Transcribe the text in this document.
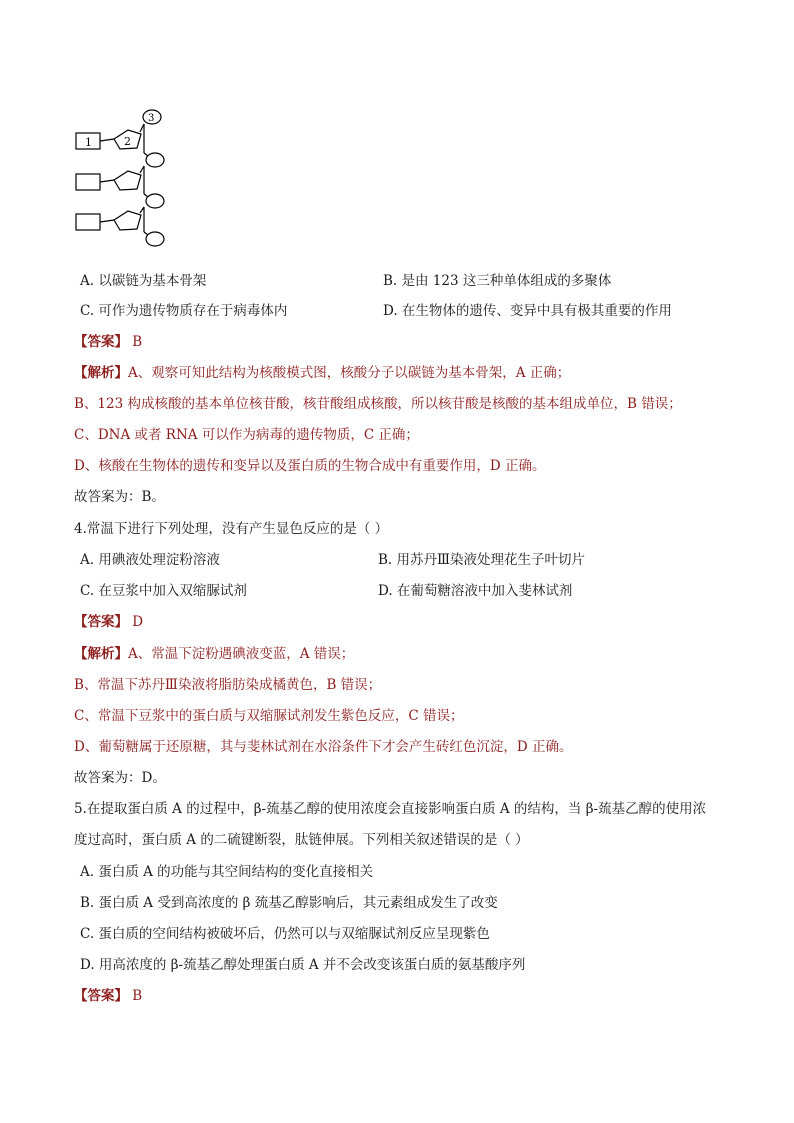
1	2
3
A. 以碳链为基本骨架	B. 是由 123 这三种单体组成的多聚体
C. 可作为遗传物质存在于病毒体内	D. 在生物体的遗传、变异中具有极其重要的作用
【答案】 B
【解析】A、观察可知此结构为核酸模式图，核酸分子以碳链为基本骨架，A 正确；
B、123 构成核酸的基本单位核苷酸，核苷酸组成核酸，所以核苷酸是核酸的基本组成单位，B 错误；
C、DNA 或者 RNA 可以作为病毒的遗传物质，C 正确；
D、核酸在生物体的遗传和变异以及蛋白质的生物合成中有重要作用，D 正确。
故答案为：B。
4.常温下进行下列处理，没有产生显色反应的是（ ）
A. 用碘液处理淀粉溶液	B. 用苏丹Ⅲ染液处理花生子叶切片
C. 在豆浆中加入双缩脲试剂	D. 在葡萄糖溶液中加入斐林试剂
【答案】 D
【解析】A、常温下淀粉遇碘液变蓝，A 错误；
B、常温下苏丹Ⅲ染液将脂肪染成橘黄色，B 错误；
C、常温下豆浆中的蛋白质与双缩脲试剂发生紫色反应，C 错误；
D、葡萄糖属于还原糖，其与斐林试剂在水浴条件下才会产生砖红色沉淀，D 正确。
故答案为：D。
5.在提取蛋白质 A 的过程中，β-巯基乙醇的使用浓度会直接影响蛋白质 A 的结构，当 β-巯基乙醇的使用浓
度过高时，蛋白质 A 的二硫键断裂，肽链伸展。下列相关叙述错误的是（ ）
A. 蛋白质 A 的功能与其空间结构的变化直接相关
B. 蛋白质 A 受到高浓度的 β 巯基乙醇影响后，其元素组成发生了改变
C. 蛋白质的空间结构被破坏后，仍然可以与双缩脲试剂反应呈现紫色
D. 用高浓度的 β-巯基乙醇处理蛋白质 A 并不会改变该蛋白质的氨基酸序列
【答案】 B
